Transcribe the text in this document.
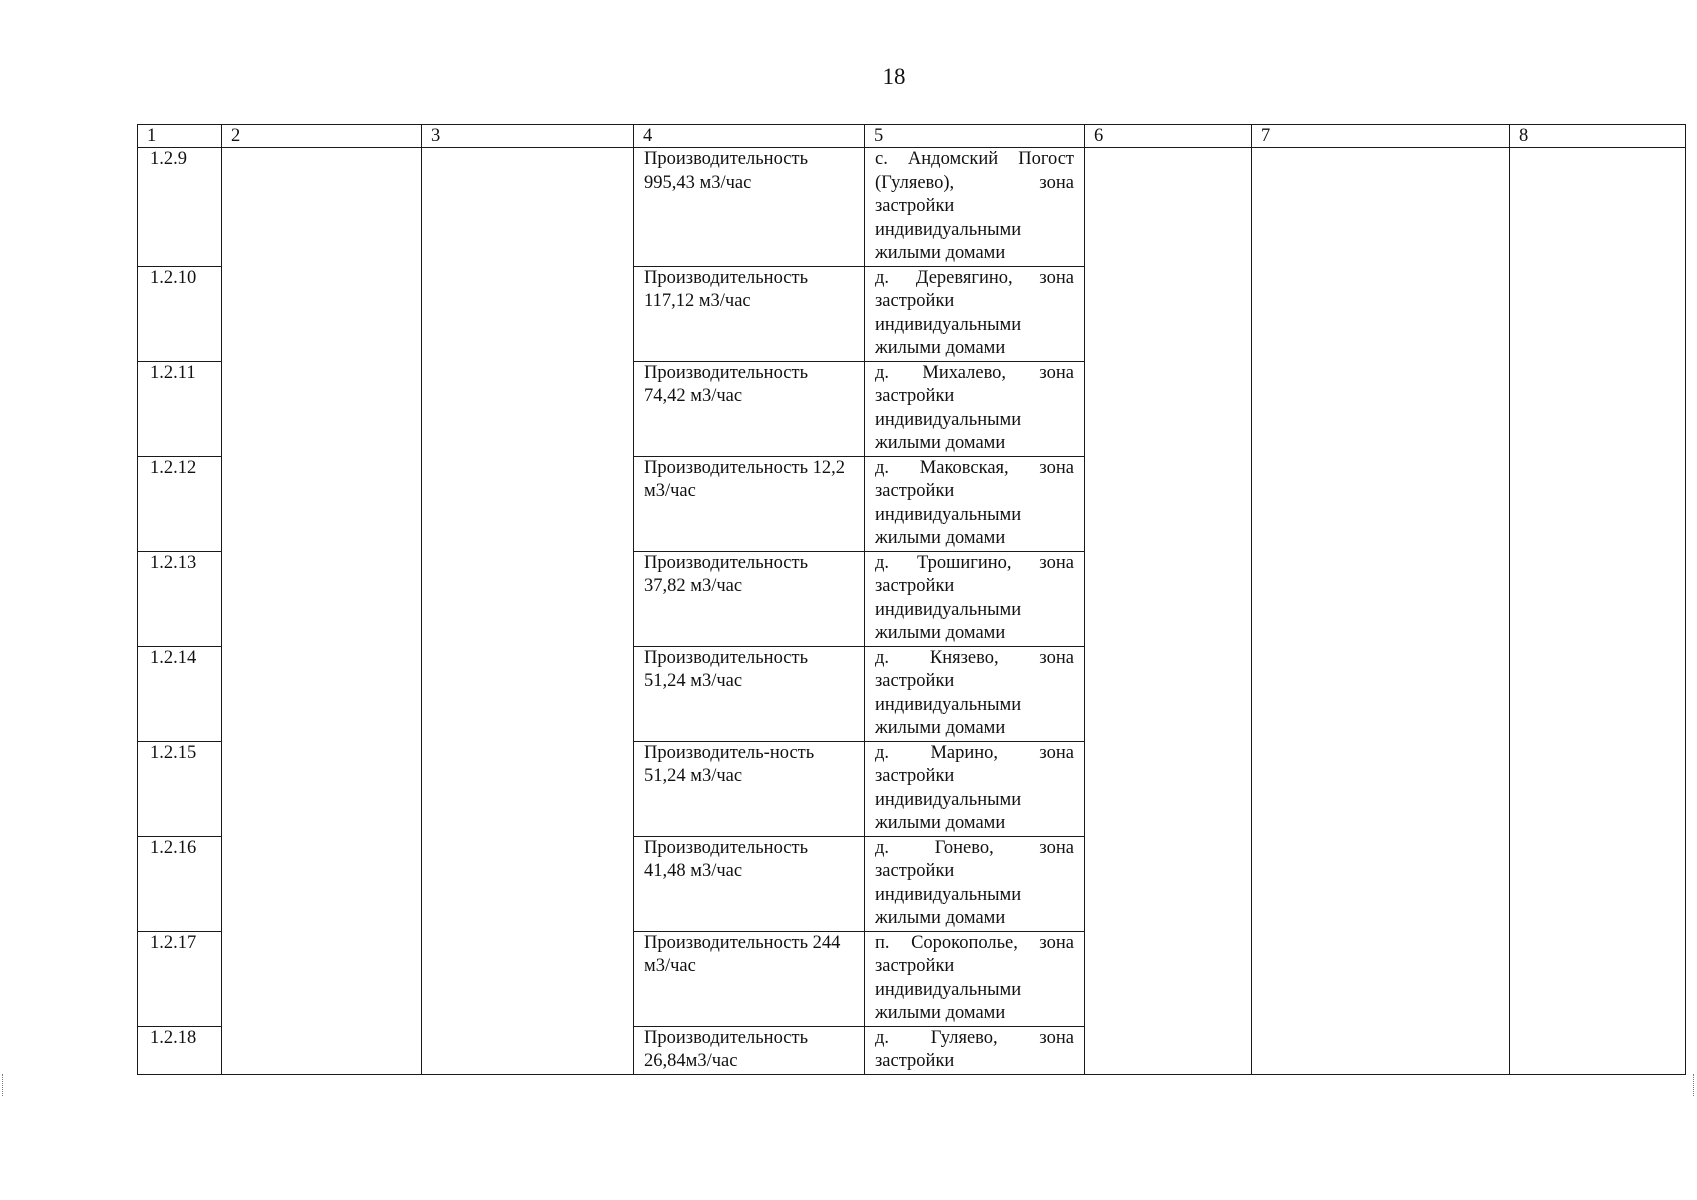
18
1	2	3	4	5	6	7	8
1.2.9			Производительность 995,43 м3/час	с. Андомский Погост (Гуляево), зона застройки индивидуальными жилыми домами			
1.2.10			Производительность 117,12 м3/час	д. Деревягино, зона застройки индивидуальными жилыми домами			
1.2.11			Производительность 74,42 м3/час	д. Михалево, зона застройки индивидуальными жилыми домами			
1.2.12			Производительность 12,2 м3/час	д. Маковская, зона застройки индивидуальными жилыми домами			
1.2.13			Производительность 37,82 м3/час	д. Трошигино, зона застройки индивидуальными жилыми домами			
1.2.14			Производительность 51,24 м3/час	д. Князево, зона застройки индивидуальными жилыми домами			
1.2.15			Производитель-ность 51,24 м3/час	д. Марино, зона застройки индивидуальными жилыми домами			
1.2.16			Производительность 41,48 м3/час	д. Гонево, зона застройки индивидуальными жилыми домами			
1.2.17			Производительность 244 м3/час	п. Сорокополье, зона застройки индивидуальными жилыми домами			
1.2.18			Производительность 26,84м3/час	д. Гуляево, зона застройки			
